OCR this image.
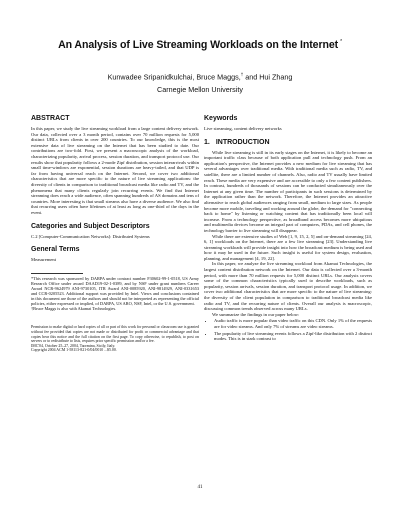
An Analysis of Live Streaming Workloads on the Internet *
Kunwadee Sripanidkulchai, Bruce Maggs,† and Hui Zhang
Carnegie Mellon University
ABSTRACT

In this paper, we study the live streaming workload from a large content delivery network. Our data, collected over a 3 month period, contains over 70 million requests for 5,000 distinct URLs from clients in over 200 countries. To our knowledge, this is the most extensive data of live streaming on the Internet that has been studied to date. Our contributions are two-fold. First, we present a macroscopic analysis of the workload, characterizing popularity, arrival process, session duration, and transport protocol use. Our results show that popularity follows a 2-mode Zipf distribution, session interarrivals within small time-windows are exponential, session durations are heavy-tailed, and that UDP is far from having universal reach on the Internet. Second, we cover two additional characteristics that are more specific to the nature of live streaming applications: the diversity of clients in comparison to traditional broadcast media like radio and TV, and the phenomena that many clients regularly join recurring events. We find that Internet streaming does reach a wide audience, often spanning hundreds of AS domains and tens of countries. More interesting is that small streams also have a diverse audience. We also find that recurring users often have lifetimes of at least as long as one-third of the days in the event.

Categories and Subject Descriptors

C.2 [Computer-Communication Networks]: Distributed Systems

General Terms

Measurement

*This research was sponsored by DARPA under contract number F30602-99-1-0518, US Army Research Office under award DAAD19-02-1-0389, and by NSF under grant numbers Career Award NCR-9624979 ANI-9730105, ITR Award ANI-0085920, ANI-9814929, ANI-0331653 and CCR-0205523. Additional support was provided by Intel. Views and conclusions contained in this document are those of the authors and should not be interpreted as representing the official policies, either expressed or implied, of DARPA, US ARO, NSF, Intel, or the U.S. government.

†Bruce Maggs is also with Akamai Technologies.

Permission to make digital or hard copies of all or part of this work for personal or classroom use is granted without fee provided that copies are not made or distributed for profit or commercial advantage and that copies bear this notice and the full citation on the first page. To copy otherwise, to republish, to post on servers or to redistribute to lists, requires prior specific permission and/or a fee.

IMC'04, October 25–27, 2004, Taormina, Sicily, Italy.

Copyright 2004 ACM 1-58113-821-0/04/0010 ...$5.00.

Keywords

Live streaming, content delivery networks

1. INTRODUCTION

While live streaming is still in its early stages on the Internet, it is likely to become an important traffic class because of both application pull and technology push. From an application's perspective, the Internet provides a new medium for live streaming that has several advantages over traditional media. With traditional media such as radio, TV, and satellite, there are a limited number of channels. Also, radio and TV usually have limited reach. These media are very expensive and are accessible to only a few content publishers. In contrast, hundreds of thousands of sessions can be conducted simultaneously over the Internet at any given time. The number of participants in such sessions is determined by the application rather than the network. Therefore, the Internet provides an attractive alternative to reach global audiences ranging from small, medium to large sizes. As people become more mobile, traveling and working around the globe, the demand for "connecting back to home" by listening or watching content that has traditionally been local will increase. From a technology perspective, as broadband access becomes more ubiquitous and multimedia devices become an integral part of computers, PDAs, and cell phones, the technology barrier to live streaming will disappear.

While there are extensive studies of Web [1, 9, 15, 2, 5] and on-demand streaming [24, 6, 1] workloads on the Internet, there are a few live streaming [23]. Understanding live streaming workloads will provide insight into how the broadcast medium is being used and how it may be used in the future. Such insight is useful for system design, evaluation, planning, and management [4, 19, 22].

In this paper, we analyze the live streaming workload from Akamai Technologies, the largest content distribution network on the Internet. Our data is collected over a 3-month period, with more than 70 million requests for 5,000 distinct URLs. Our analysis covers some of the common characteristics typically used to describe workloads, such as popularity, session arrivals, session duration, and transport protocol usage. In addition, we cover two additional characteristics that are more specific to the nature of live streaming: the diversity of the client population in comparison to traditional broadcast media like radio and TV, and the recurring nature of clients. Overall our analysis is macroscopic, discussing common trends observed across many URLs.

We summarize the findings in our paper below:

• Audio traffic is more popular than video traffic on this CDN. Only 1% of the requests are for video streams. And only 7% of streams are video streams.
• The popularity of live streaming events follows a Zipf-like distribution with 2 distinct modes. This is in stark contrast to
41
